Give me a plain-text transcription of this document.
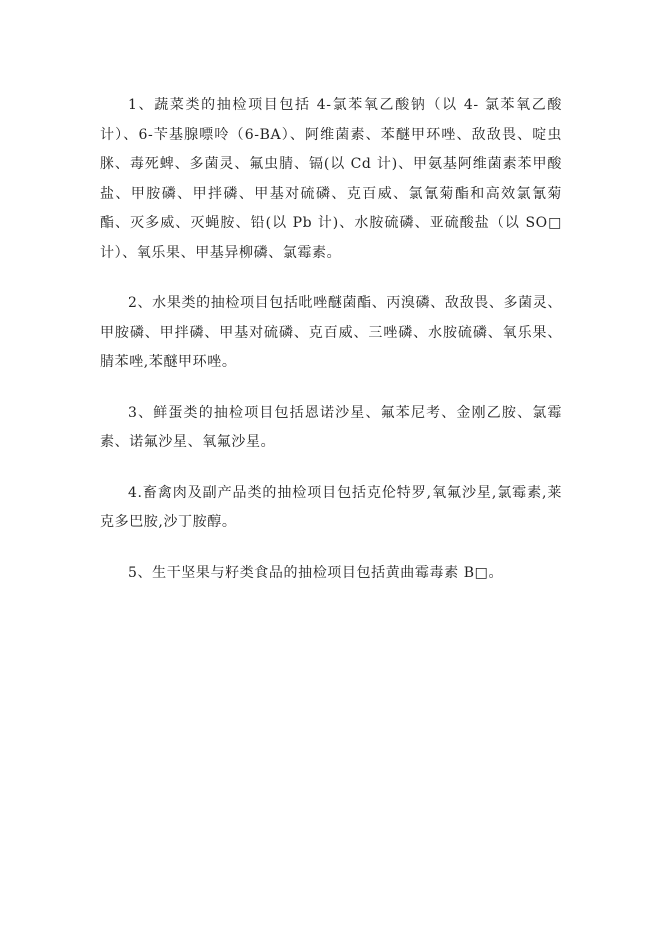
1、蔬菜类的抽检项目包括 4-氯苯氧乙酸钠（以 4- 氯苯氧乙酸计）、6-苄基腺嘌呤（6-BA）、阿维菌素、苯醚甲环唑、敌敌畏、啶虫脒、毒死蜱、多菌灵、氟虫腈、镉(以 Cd 计)、甲氨基阿维菌素苯甲酸盐、甲胺磷、甲拌磷、甲基对硫磷、克百威、氯氰菊酯和高效氯氰菊酯、灭多威、灭蝇胺、铅(以 Pb 计)、水胺硫磷、亚硫酸盐（以 SO□计）、氧乐果、甲基异柳磷、氯霉素。

2、水果类的抽检项目包括吡唑醚菌酯、丙溴磷、敌敌畏、多菌灵、甲胺磷、甲拌磷、甲基对硫磷、克百威、三唑磷、水胺硫磷、氧乐果、腈苯唑,苯醚甲环唑。

3、鲜蛋类的抽检项目包括恩诺沙星、氟苯尼考、金刚乙胺、氯霉素、诺氟沙星、氧氟沙星。

4.畜禽肉及副产品类的抽检项目包括克伦特罗,氧氟沙星,氯霉素,莱克多巴胺,沙丁胺醇。

5、生干坚果与籽类食品的抽检项目包括黄曲霉毒素 B□。
